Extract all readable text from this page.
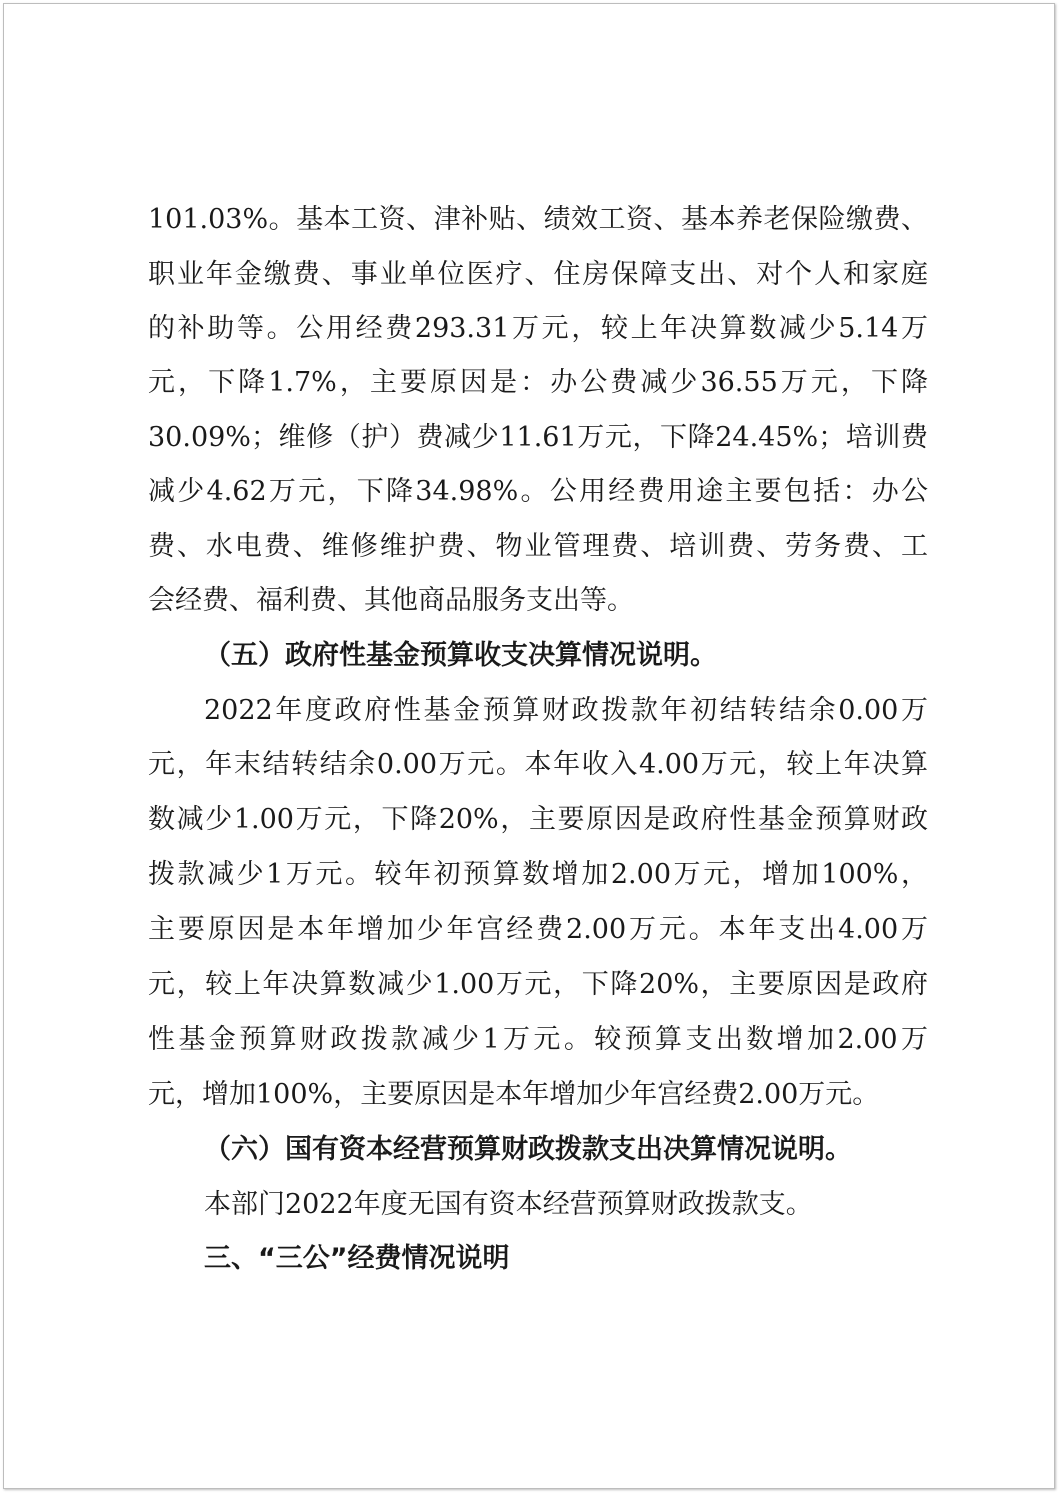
101.03%。基本工资、津补贴、绩效工资、基本养老保险缴费、
职业年金缴费、事业单位医疗、住房保障支出、对个人和家庭
的补助等。公用经费293.31万元，较上年决算数减少5.14万
元，下降1.7%，主要原因是：办公费减少36.55万元，下降
30.09%；维修（护）费减少11.61万元，下降24.45%；培训费
减少4.62万元，下降34.98%。公用经费用途主要包括：办公
费、水电费、维修维护费、物业管理费、培训费、劳务费、工
会经费、福利费、其他商品服务支出等。
（五）政府性基金预算收支决算情况说明。
2022年度政府性基金预算财政拨款年初结转结余0.00万
元，年末结转结余0.00万元。本年收入4.00万元，较上年决算
数减少1.00万元，下降20%，主要原因是政府性基金预算财政
拨款减少1万元。较年初预算数增加2.00万元，增加100%，
主要原因是本年增加少年宫经费2.00万元。本年支出4.00万
元，较上年决算数减少1.00万元，下降20%，主要原因是政府
性基金预算财政拨款减少1万元。较预算支出数增加2.00万
元，增加100%，主要原因是本年增加少年宫经费2.00万元。
（六）国有资本经营预算财政拨款支出决算情况说明。
本部门2022年度无国有资本经营预算财政拨款支。
三、“三公”经费情况说明
